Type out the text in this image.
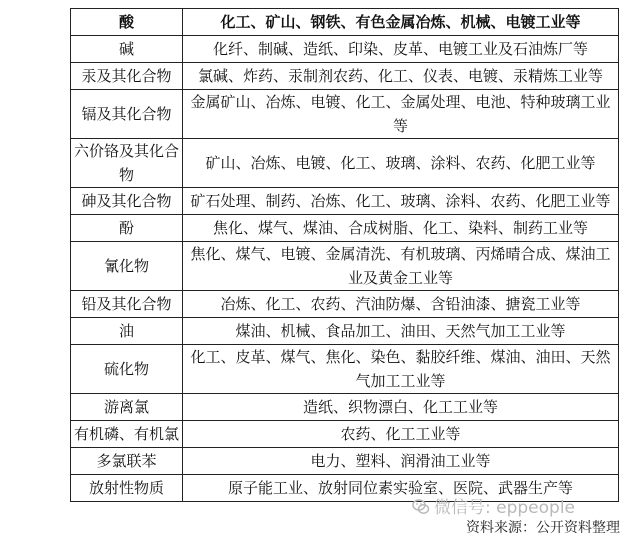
酸	化工、矿山、钢铁、有色金属冶炼、机械、电镀工业等
碱	化纤、制碱、造纸、印染、皮革、电镀工业及石油炼厂等
汞及其化合物	氯碱、炸药、汞制剂农药、化工、仪表、电镀、汞精炼工业等
镉及其化合物	金属矿山、冶炼、电镀、化工、金属处理、电池、特种玻璃工业等
六价铬及其化合物	矿山、冶炼、电镀、化工、玻璃、涂料、农药、化肥工业等
砷及其化合物	矿石处理、制药、冶炼、化工、玻璃、涂料、农药、化肥工业等
酚	焦化、煤气、煤油、合成树脂、化工、染料、制药工业等
氰化物	焦化、煤气、电镀、金属清洗、有机玻璃、丙烯晴合成、煤油工业及黄金工业等
铅及其化合物	冶炼、化工、农药、汽油防爆、含铅油漆、搪瓷工业等
油	煤油、机械、食品加工、油田、天然气加工工业等
硫化物	化工、皮革、煤气、焦化、染色、黏胶纤维、煤油、油田、天然气加工工业等
游离氯	造纸、织物漂白、化工工业等
有机磷、有机氯	农药、化工工业等
多氯联苯	电力、塑料、润滑油工业等
放射性物质	原子能工业、放射同位素实验室、医院、武器生产等
微信号: eppeople
资料来源：公开资料整理
